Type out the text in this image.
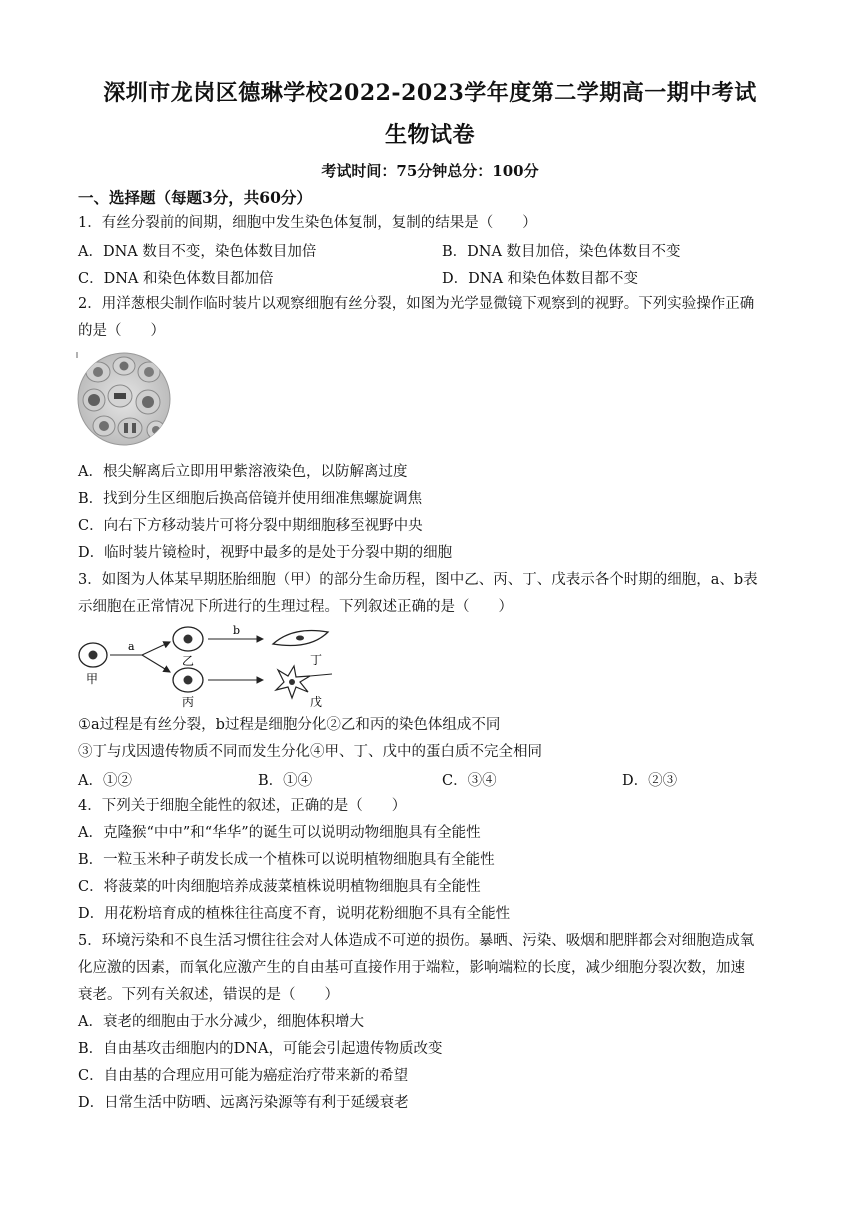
深圳市龙岗区德琳学校2022-2023学年度第二学期高一期中考试
生物试卷
考试时间：75分钟总分：100分
一、选择题（每题3分，共60分）
1．有丝分裂前的间期，细胞中发生染色体复制，复制的结果是（　　）
A．DNA 数目不变，染色体数目加倍	B．DNA 数目加倍，染色体数目不变
C．DNA 和染色体数目都加倍	D．DNA 和染色体数目都不变
2．用洋葱根尖制作临时装片以观察细胞有丝分裂，如图为光学显微镜下观察到的视野。下列实验操作正确
的是（　　）
A．根尖解离后立即用甲紫溶液染色，以防解离过度
B．找到分生区细胞后换高倍镜并使用细准焦螺旋调焦
C．向右下方移动装片可将分裂中期细胞移至视野中央
D．临时装片镜检时，视野中最多的是处于分裂中期的细胞
3．如图为人体某早期胚胎细胞（甲）的部分生命历程，图中乙、丙、丁、戊表示各个时期的细胞，a、b表
示细胞在正常情况下所进行的生理过程。下列叙述正确的是（　　）
甲
a
乙
丙
b
丁
戊
①a过程是有丝分裂，b过程是细胞分化②乙和丙的染色体组成不同
③丁与戊因遗传物质不同而发生分化④甲、丁、戊中的蛋白质不完全相同
A．①②	B．①④	C．③④	D．②③
4．下列关于细胞全能性的叙述，正确的是（　　）
A．克隆猴“中中”和“华华”的诞生可以说明动物细胞具有全能性
B．一粒玉米种子萌发长成一个植株可以说明植物细胞具有全能性
C．将菠菜的叶肉细胞培养成菠菜植株说明植物细胞具有全能性
D．用花粉培育成的植株往往高度不育，说明花粉细胞不具有全能性
5．环境污染和不良生活习惯往往会对人体造成不可逆的损伤。暴晒、污染、吸烟和肥胖都会对细胞造成氧
化应激的因素，而氧化应激产生的自由基可直接作用于端粒，影响端粒的长度，减少细胞分裂次数，加速
衰老。下列有关叙述，错误的是（　　）
A．衰老的细胞由于水分减少，细胞体积增大
B．自由基攻击细胞内的DNA，可能会引起遗传物质改变
C．自由基的合理应用可能为癌症治疗带来新的希望
D．日常生活中防晒、远离污染源等有利于延缓衰老
